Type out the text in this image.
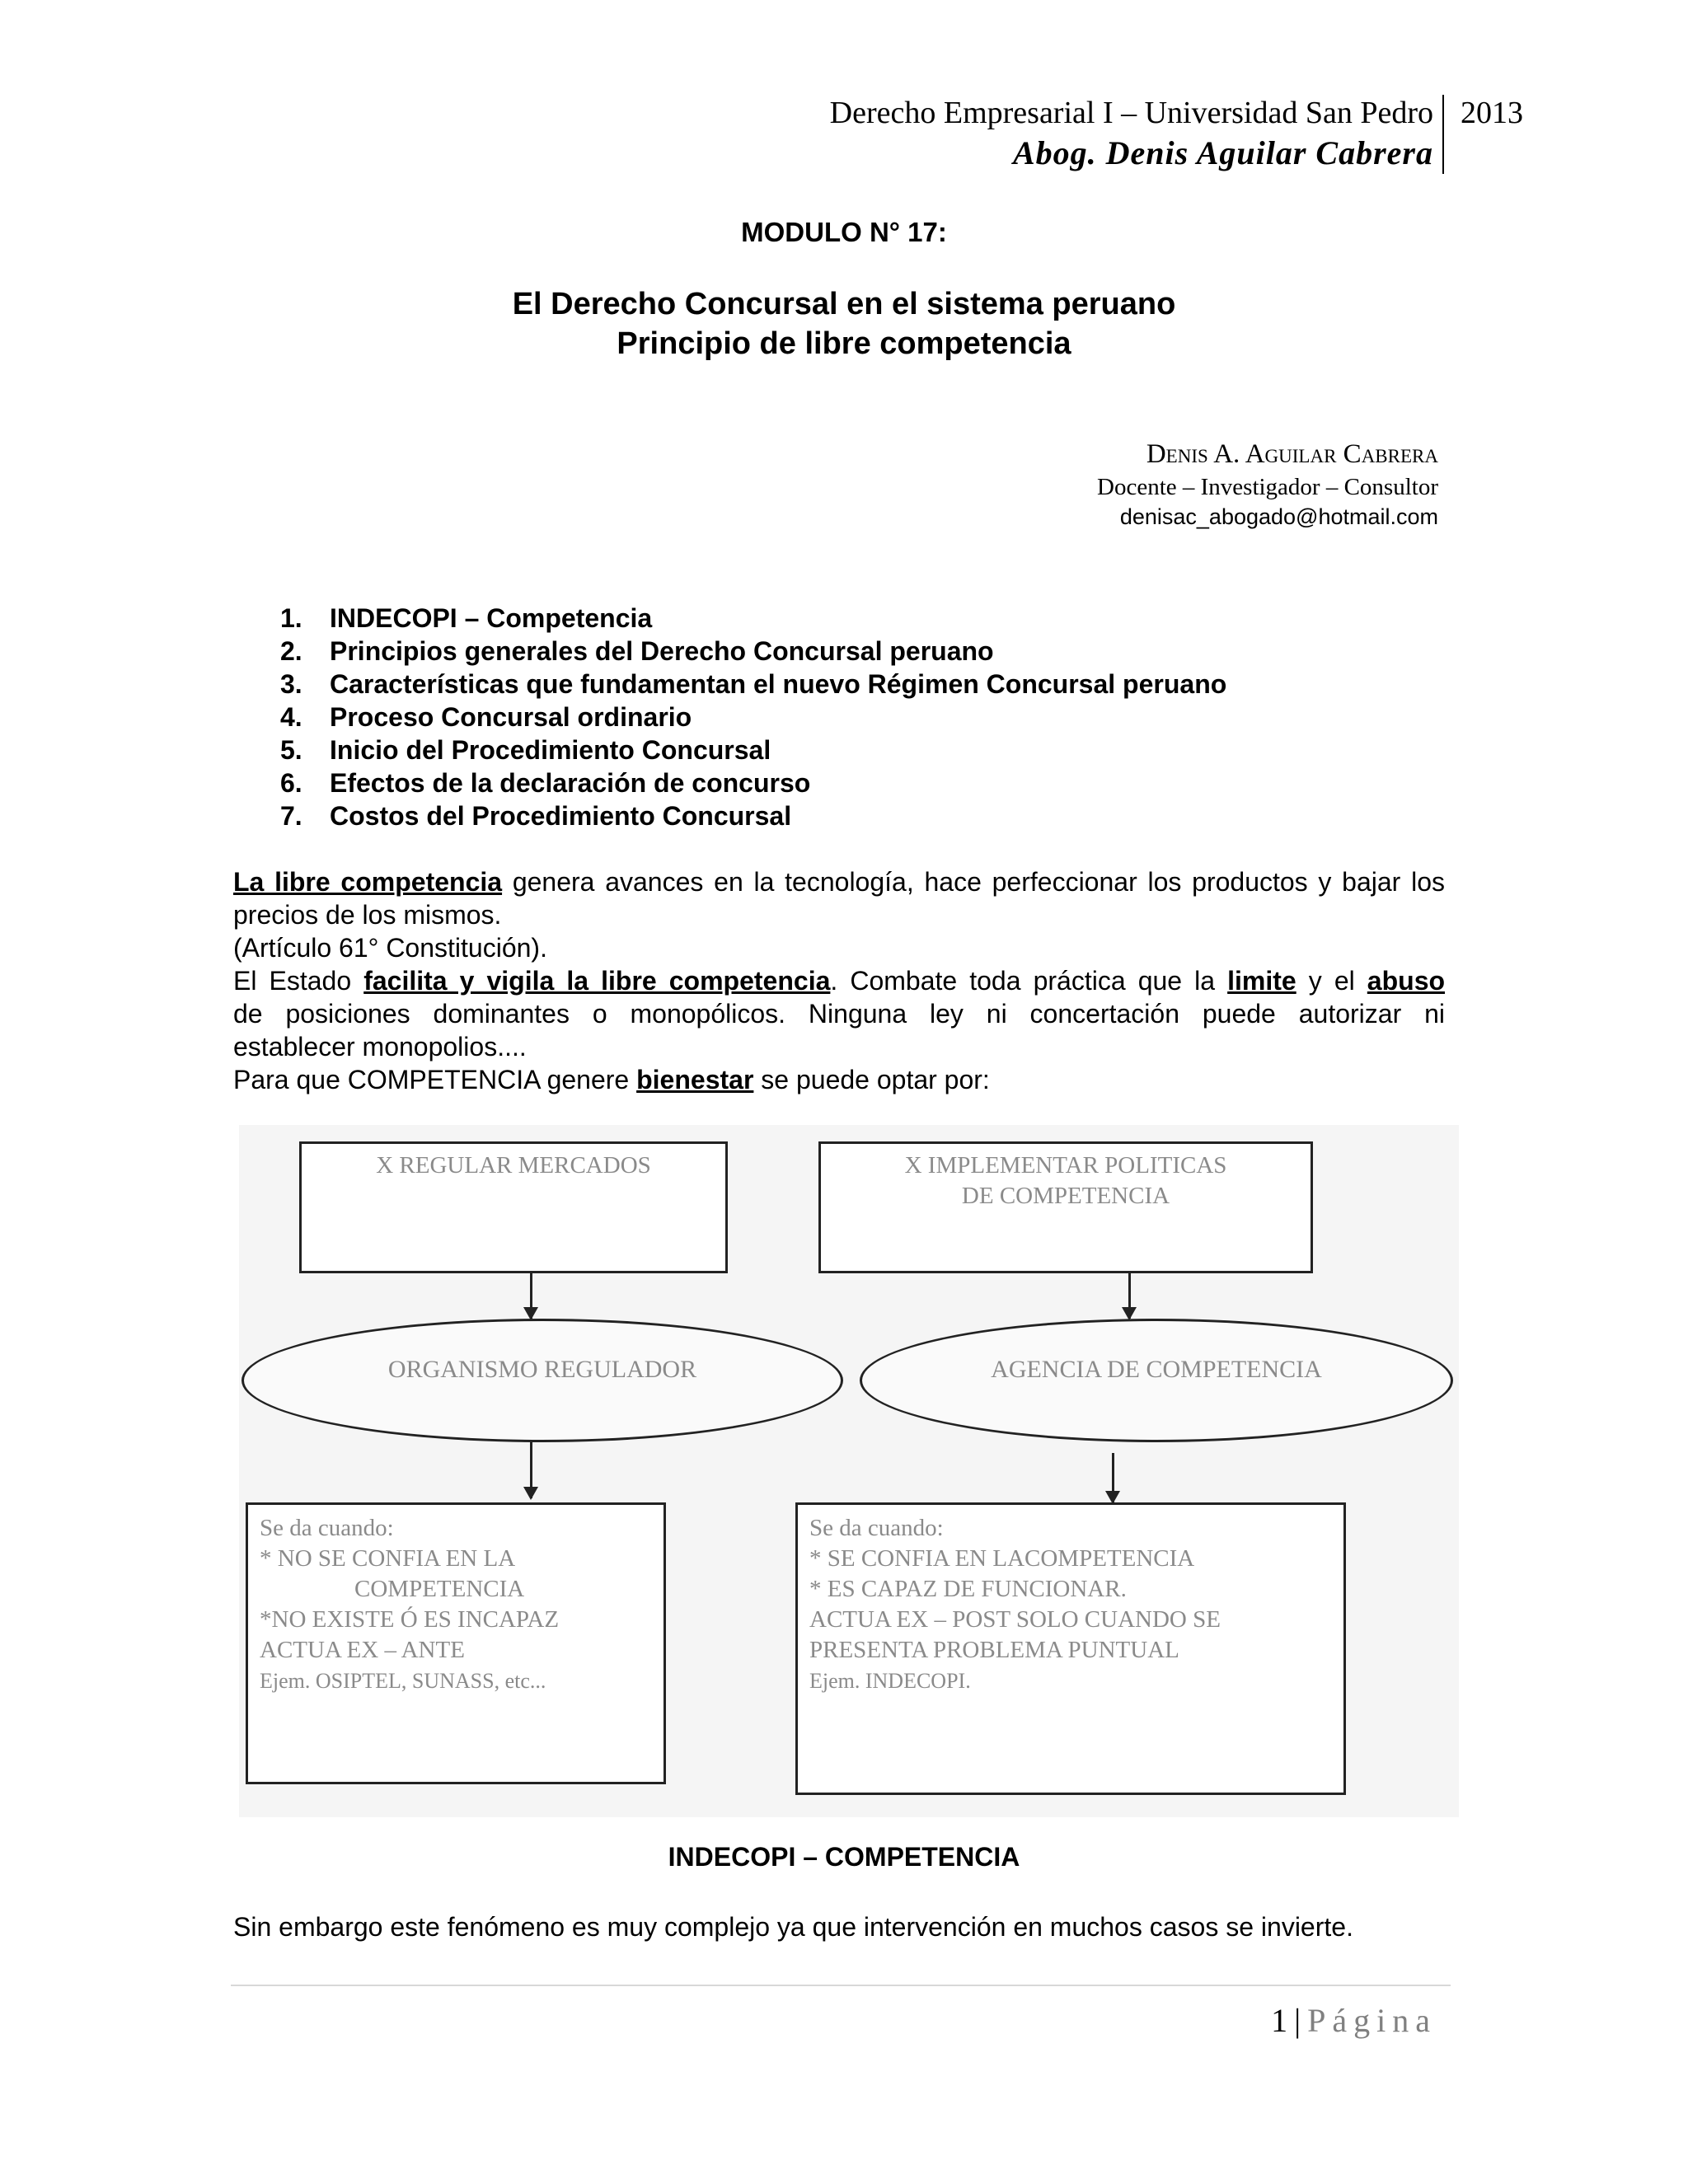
Derecho Empresarial I – Universidad San Pedro
Abog. Denis Aguilar Cabrera
2013
MODULO N° 17:
El Derecho Concursal en el sistema peruano
Principio de libre competencia
Denis A. Aguilar Cabrera
Docente – Investigador – Consultor
denisac_abogado@hotmail.com
1. INDECOPI – Competencia
2. Principios generales del Derecho Concursal peruano
3. Características que fundamentan el nuevo Régimen Concursal peruano
4. Proceso Concursal ordinario
5. Inicio del Procedimiento Concursal
6. Efectos de la declaración de concurso
7. Costos del Procedimiento Concursal
La libre competencia genera avances en la tecnología, hace perfeccionar los productos y bajar los precios de los mismos.
(Artículo 61° Constitución).
El Estado facilita y vigila la libre competencia. Combate toda práctica que la limite y el abuso
de posiciones dominantes o monopólicos. Ninguna ley ni concertación puede autorizar ni
establecer monopolios....
Para que COMPETENCIA genere bienestar se puede optar por:
X REGULAR MERCADOS	X IMPLEMENTAR POLITICAS
DE COMPETENCIA
ORGANISMO REGULADOR	AGENCIA DE COMPETENCIA
Se da cuando:
* NO SE CONFIA EN LA
COMPETENCIA
*NO EXISTE Ó ES INCAPAZ
ACTUA EX – ANTE
Ejem. OSIPTEL, SUNASS, etc...
Se da cuando:
* SE CONFIA EN LACOMPETENCIA
* ES CAPAZ DE FUNCIONAR.
ACTUA EX – POST SOLO CUANDO SE
PRESENTA PROBLEMA PUNTUAL
Ejem. INDECOPI.
INDECOPI – COMPETENCIA
Sin embargo este fenómeno es muy complejo ya que intervención en muchos casos se invierte.
1|Página
